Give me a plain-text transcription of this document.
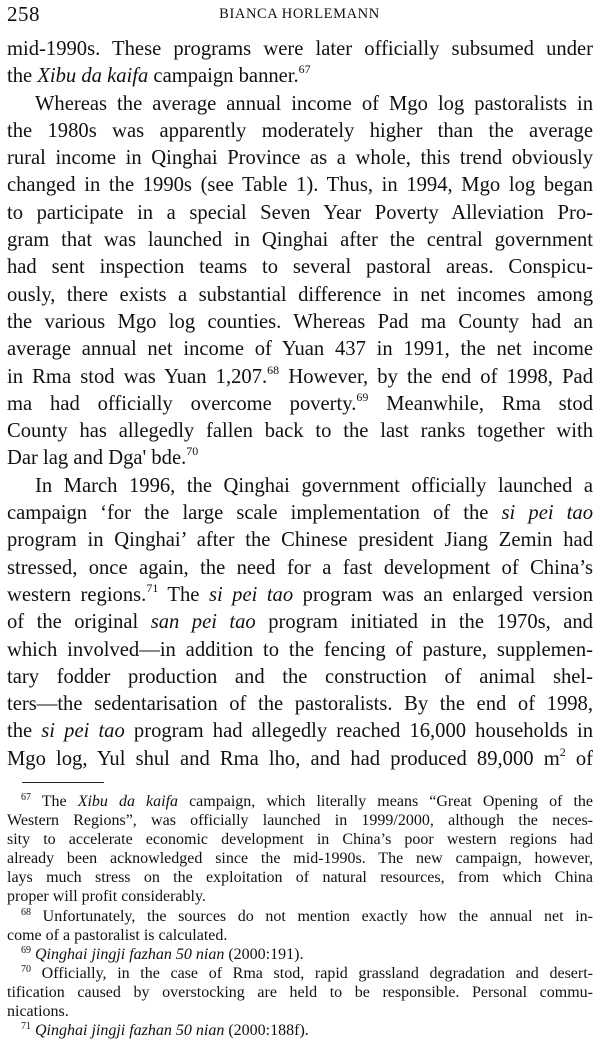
258	BIANCA HORLEMANN
mid-1990s. These programs were later officially subsumed under
the Xibu da kaifa campaign banner.$^{67}$
Whereas the average annual income of Mgo log pastoralists in
the 1980s was apparently moderately higher than the average
rural income in Qinghai Province as a whole, this trend obviously
changed in the 1990s (see Table 1). Thus, in 1994, Mgo log began
to participate in a special Seven Year Poverty Alleviation Pro-
gram that was launched in Qinghai after the central government
had sent inspection teams to several pastoral areas. Conspicu-
ously, there exists a substantial difference in net incomes among
the various Mgo log counties. Whereas Pad ma County had an
average annual net income of Yuan 437 in 1991, the net income
in Rma stod was Yuan 1,207.68 However, by the end of 1998, Pad
ma had officially overcome poverty.$^{69}$ Meanwhile, Rma stod
County has allegedly fallen back to the last ranks together with
Dar lag and Dga' bde.$^{70}$
In March 1996, the Qinghai government officially launched a
campaign ‘for the large scale implementation of the si pei tao
program in Qinghai’ after the Chinese president Jiang Zemin had
stressed, once again, the need for a fast development of China’s
western regions.$^{71}$ The si pei tao program was an enlarged version
of the original san pei tao program initiated in the 1970s, and
which involved—in addition to the fencing of pasture, supplemen-
tary fodder production and the construction of animal shel-
ters—the sedentarisation of the pastoralists. By the end of 1998,
the si pei tao program had allegedly reached 16,000 households in
Mgo log, Yul shul and Rma lho, and had produced 89,000 $m^2$ of
$^{67}$ The Xibu da kaifa campaign, which literally means “Great Opening of the
Western Regions”, was officially launched in 1999/2000, although the neces-
sity to accelerate economic development in China’s poor western regions had
already been acknowledged since the mid-1990s. The new campaign, however,
lays much stress on the exploitation of natural resources, from which China
proper will profit considerably.
$^{68}$ Unfortunately, the sources do not mention exactly how the annual net in-
come of a pastoralist is calculated.
$^{69}$ Qinghai jingji fazhan 50 nian (2000:191).
$^{70}$ Officially, in the case of Rma stod, rapid grassland degradation and desert-
tification caused by overstocking are held to be responsible. Personal commu-
nications.
$^{71}$ Qinghai jingji fazhan 50 nian (2000:188f).
